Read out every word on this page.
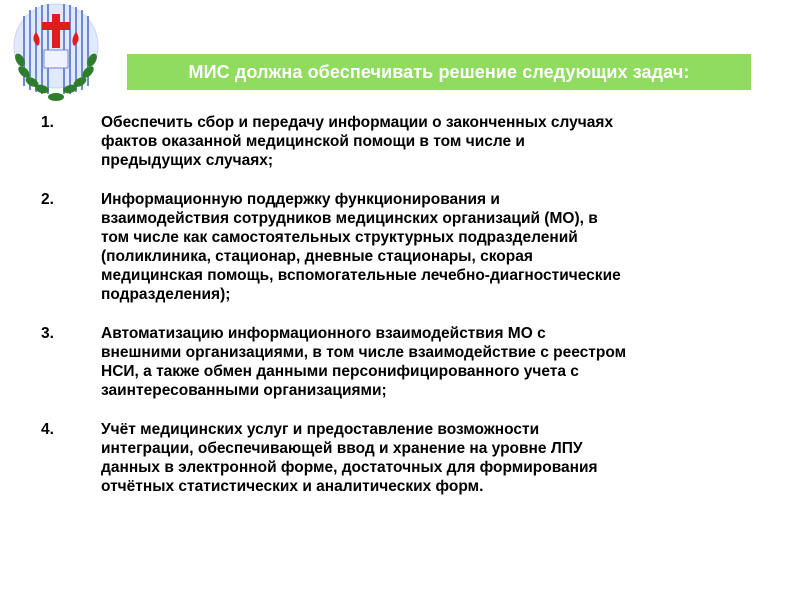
МИС должна обеспечивать решение следующих задач:
1.	Обеспечить сбор и передачу информации о законченных случаях
фактов оказанной медицинской помощи в том числе и
предыдущих случаях;
2.	Информационную поддержку функционирования и
взаимодействия сотрудников медицинских организаций (МО), в
том числе как самостоятельных структурных подразделений
(поликлиника, стационар, дневные стационары, скорая
медицинская помощь, вспомогательные лечебно-диагностические
подразделения);
3.	Автоматизацию информационного взаимодействия МО с
внешними организациями, в том числе взаимодействие с реестром
НСИ, а также обмен данными персонифицированного учета с
заинтересованными организациями;
4.	Учёт медицинских услуг и предоставление возможности
интеграции, обеспечивающей ввод и хранение на уровне ЛПУ
данных в электронной форме, достаточных для формирования
отчётных статистических и аналитических форм.
